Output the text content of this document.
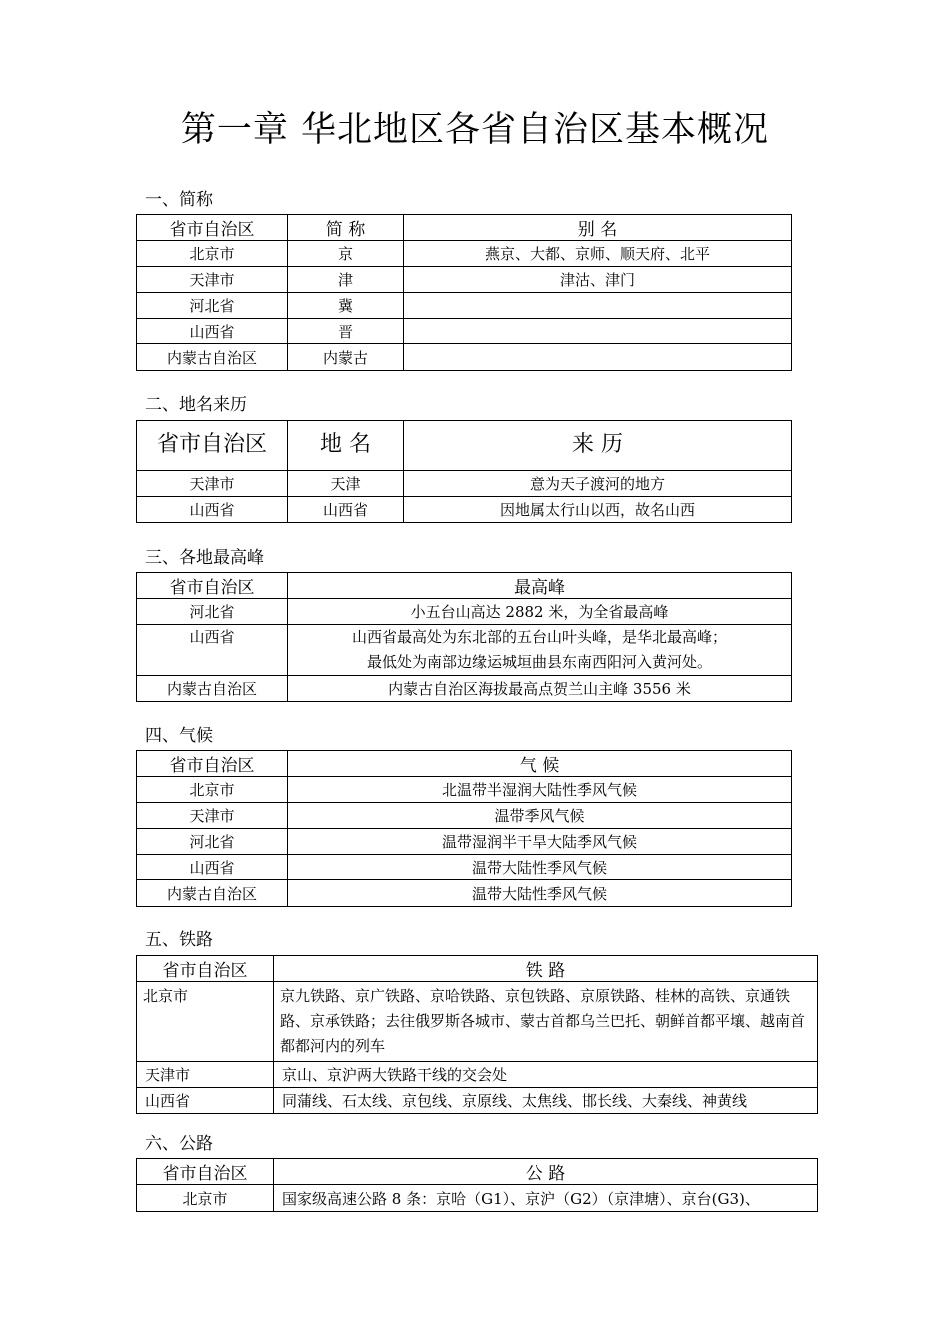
第一章 华北地区各省自治区基本概况
一、简称
省市自治区	简 称	别 名
北京市	京	燕京、大都、京师、顺天府、北平
天津市	津	津沽、津门
河北省	冀	
山西省	晋	
内蒙古自治区	内蒙古	
二、地名来历
省市自治区	地 名	来 历
天津市	天津	意为天子渡河的地方
山西省	山西省	因地属太行山以西，故名山西
三、各地最高峰
省市自治区	最高峰
河北省	小五台山高达 2882 米，为全省最高峰
山西省	山西省最高处为东北部的五台山叶头峰，是华北最高峰；
最低处为南部边缘运城垣曲县东南西阳河入黄河处。
内蒙古自治区	内蒙古自治区海拔最高点贺兰山主峰 3556 米
四、气候
省市自治区	气 候
北京市	北温带半湿润大陆性季风气候
天津市	温带季风气候
河北省	温带湿润半干旱大陆季风气候
山西省	温带大陆性季风气候
内蒙古自治区	温带大陆性季风气候
五、铁路
省市自治区	铁 路
北京市	京九铁路、京广铁路、京哈铁路、京包铁路、京原铁路、桂林的高铁、京通铁路、京承铁路；去往俄罗斯各城市、蒙古首都乌兰巴托、朝鲜首都平壤、越南首都都河内的列车
天津市	京山、京沪两大铁路干线的交会处
山西省	同蒲线、石太线、京包线、京原线、太焦线、邯长线、大秦线、神黄线
六、公路
省市自治区	公 路
北京市	国家级高速公路 8 条：京哈（G1）、京沪（G2）（京津塘）、京台(G3)、
